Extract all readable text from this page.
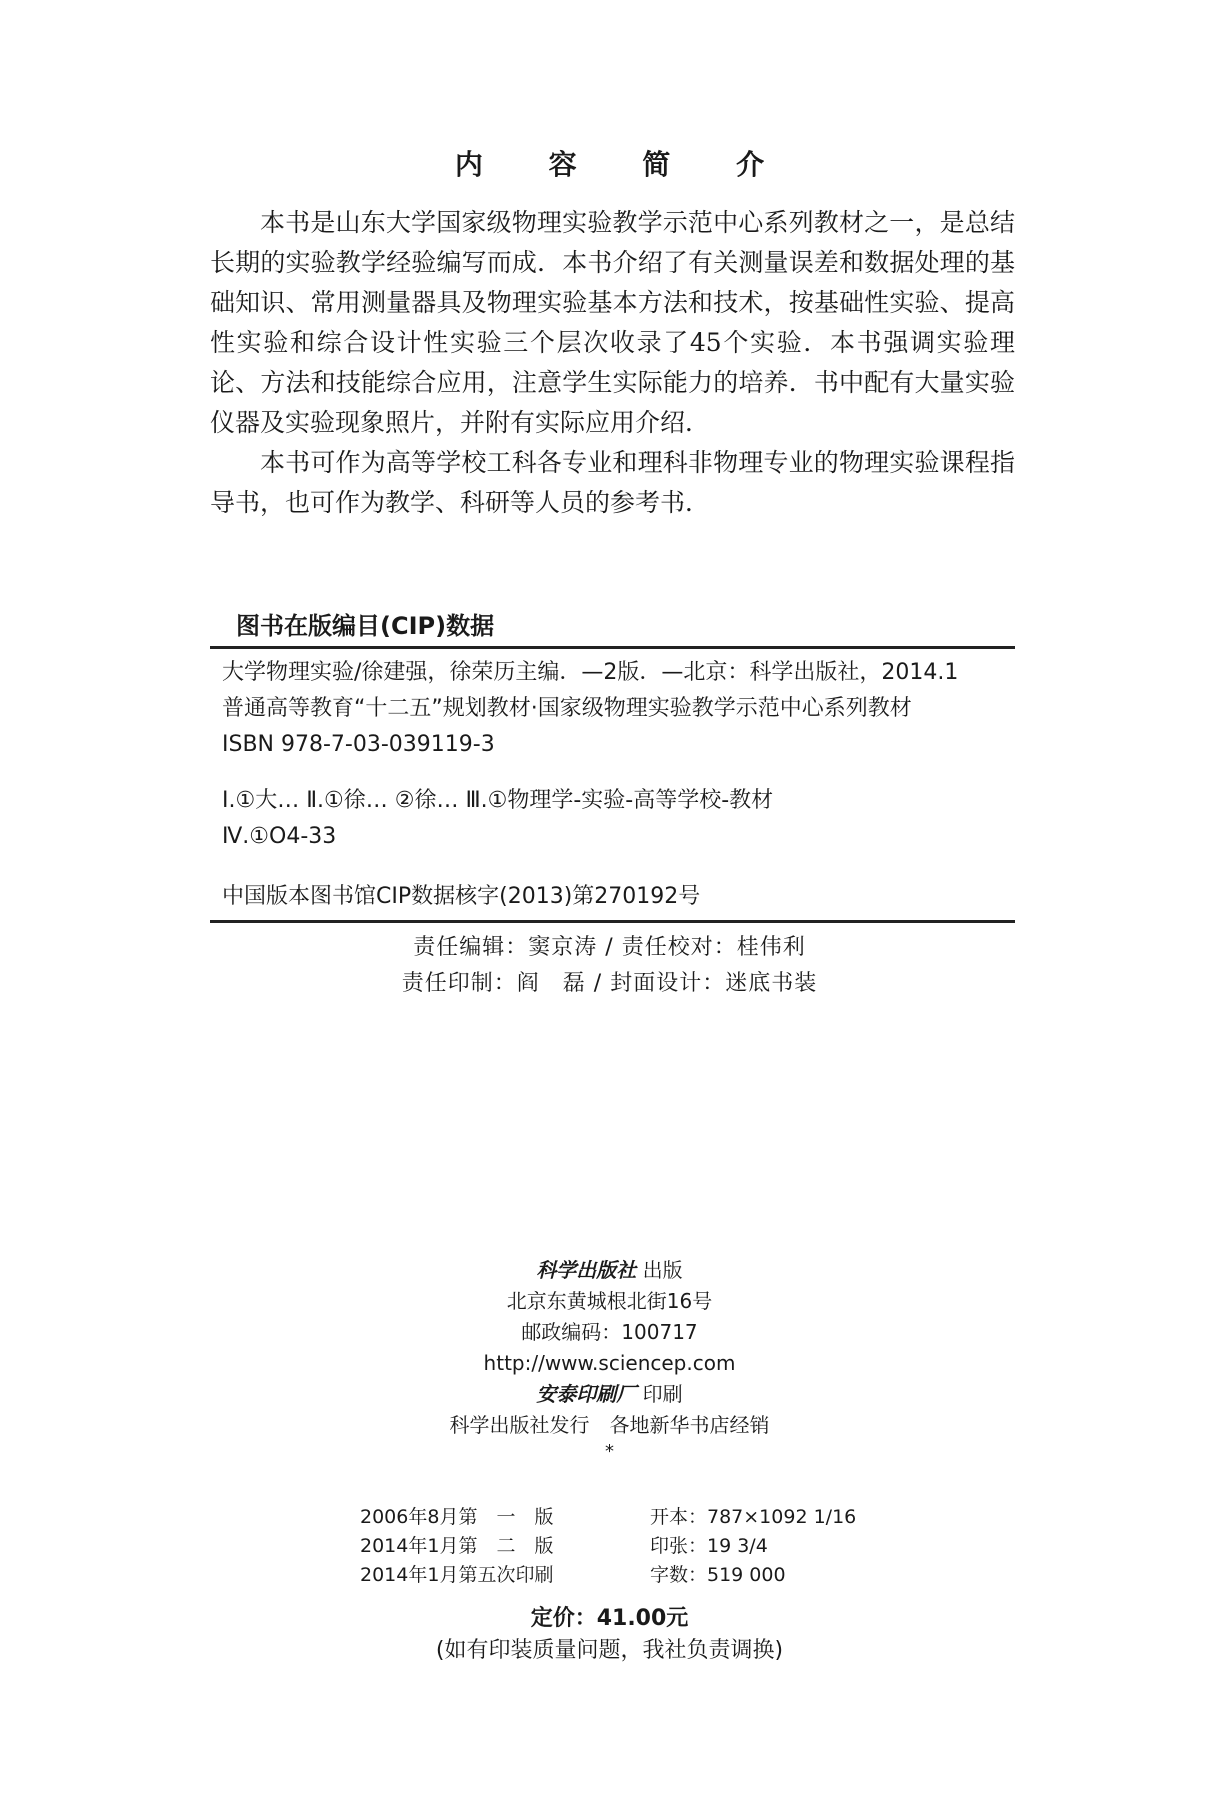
内 容 简 介

本书是山东大学国家级物理实验教学示范中心系列教材之一，是总结长期的实验教学经验编写而成．本书介绍了有关测量误差和数据处理的基础知识、常用测量器具及物理实验基本方法和技术，按基础性实验、提高性实验和综合设计性实验三个层次收录了45个实验．本书强调实验理论、方法和技能综合应用，注意学生实际能力的培养．书中配有大量实验仪器及实验现象照片，并附有实际应用介绍．

本书可作为高等学校工科各专业和理科非物理专业的物理实验课程指导书，也可作为教学、科研等人员的参考书．

图书在版编目(CIP)数据
大学物理实验/徐建强，徐荣历主编．—2版．—北京：科学出版社，2014.1
普通高等教育“十二五”规划教材·国家级物理实验教学示范中心系列教材
ISBN 978-7-03-039119-3
Ⅰ.①大… Ⅱ.①徐… ②徐… Ⅲ.①物理学-实验-高等学校-教材
Ⅳ.①O4-33
中国版本图书馆CIP数据核字(2013)第270192号
责任编辑：窦京涛 / 责任校对：桂伟利
责任印制：阎　磊 / 封面设计：迷底书装
科学出版社 出版
北京东黄城根北街16号
邮政编码：100717
http://www.sciencep.com
安泰印刷厂 印刷
科学出版社发行　各地新华书店经销
*
2006年8月第　一　版	开本：787×1092 1/16
2014年1月第　二　版	印张：19 3/4
2014年1月第五次印刷	字数：519 000
定价：41.00元
(如有印装质量问题，我社负责调换)
